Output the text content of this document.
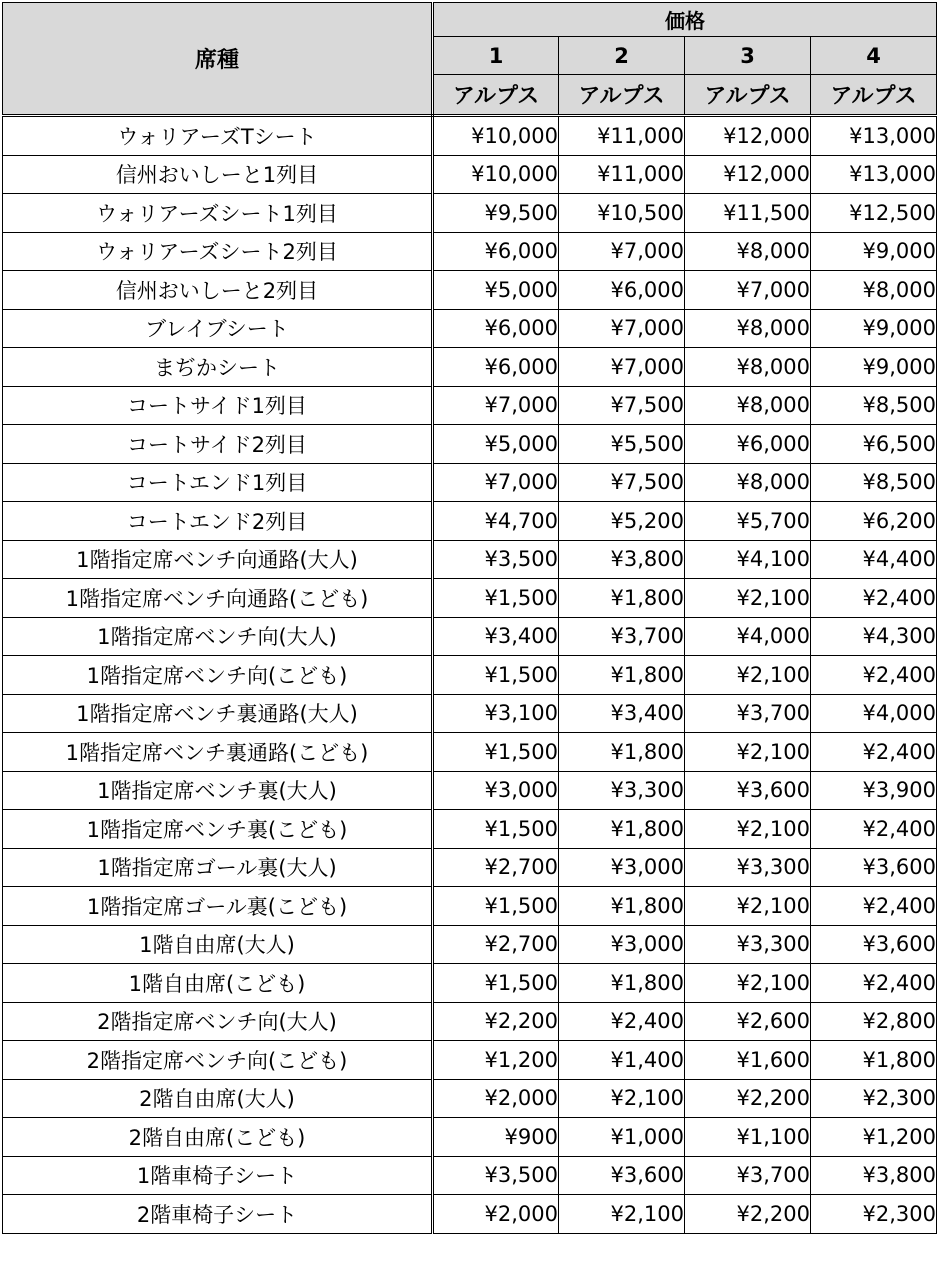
席種	価格			
	1	2	3	4
	アルプス	アルプス	アルプス	アルプス
ウォリアーズTシート	¥10,000	¥11,000	¥12,000	¥13,000
信州おいしーと1列目	¥10,000	¥11,000	¥12,000	¥13,000
ウォリアーズシート1列目	¥9,500	¥10,500	¥11,500	¥12,500
ウォリアーズシート2列目	¥6,000	¥7,000	¥8,000	¥9,000
信州おいしーと2列目	¥5,000	¥6,000	¥7,000	¥8,000
ブレイブシート	¥6,000	¥7,000	¥8,000	¥9,000
まぢかシート	¥6,000	¥7,000	¥8,000	¥9,000
コートサイド1列目	¥7,000	¥7,500	¥8,000	¥8,500
コートサイド2列目	¥5,000	¥5,500	¥6,000	¥6,500
コートエンド1列目	¥7,000	¥7,500	¥8,000	¥8,500
コートエンド2列目	¥4,700	¥5,200	¥5,700	¥6,200
1階指定席ベンチ向通路(大人)	¥3,500	¥3,800	¥4,100	¥4,400
1階指定席ベンチ向通路(こども)	¥1,500	¥1,800	¥2,100	¥2,400
1階指定席ベンチ向(大人)	¥3,400	¥3,700	¥4,000	¥4,300
1階指定席ベンチ向(こども)	¥1,500	¥1,800	¥2,100	¥2,400
1階指定席ベンチ裏通路(大人)	¥3,100	¥3,400	¥3,700	¥4,000
1階指定席ベンチ裏通路(こども)	¥1,500	¥1,800	¥2,100	¥2,400
1階指定席ベンチ裏(大人)	¥3,000	¥3,300	¥3,600	¥3,900
1階指定席ベンチ裏(こども)	¥1,500	¥1,800	¥2,100	¥2,400
1階指定席ゴール裏(大人)	¥2,700	¥3,000	¥3,300	¥3,600
1階指定席ゴール裏(こども)	¥1,500	¥1,800	¥2,100	¥2,400
1階自由席(大人)	¥2,700	¥3,000	¥3,300	¥3,600
1階自由席(こども)	¥1,500	¥1,800	¥2,100	¥2,400
2階指定席ベンチ向(大人)	¥2,200	¥2,400	¥2,600	¥2,800
2階指定席ベンチ向(こども)	¥1,200	¥1,400	¥1,600	¥1,800
2階自由席(大人)	¥2,000	¥2,100	¥2,200	¥2,300
2階自由席(こども)	¥900	¥1,000	¥1,100	¥1,200
1階車椅子シート	¥3,500	¥3,600	¥3,700	¥3,800
2階車椅子シート	¥2,000	¥2,100	¥2,200	¥2,300
